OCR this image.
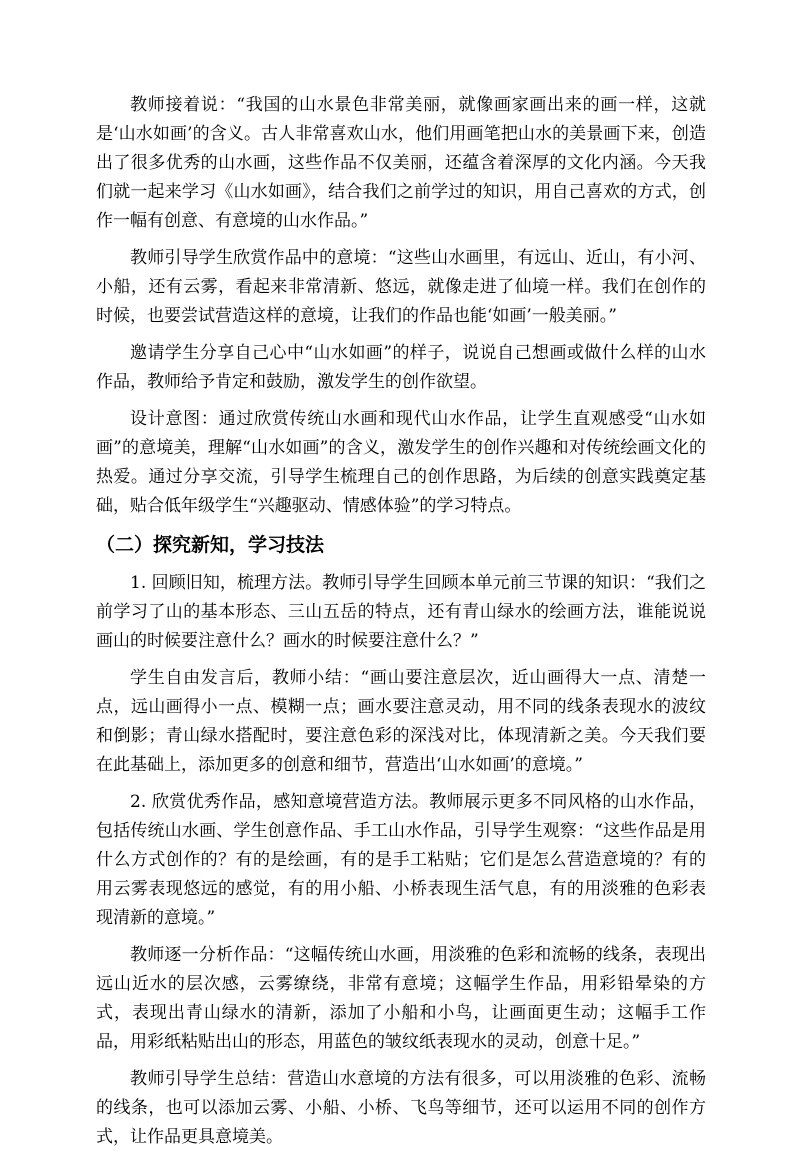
教师接着说：“我国的山水景色非常美丽，就像画家画出来的画一样，这就是‘山水如画’的含义。古人非常喜欢山水，他们用画笔把山水的美景画下来，创造出了很多优秀的山水画，这些作品不仅美丽，还蕴含着深厚的文化内涵。今天我们就一起来学习《山水如画》，结合我们之前学过的知识，用自己喜欢的方式，创作一幅有创意、有意境的山水作品。”

教师引导学生欣赏作品中的意境：“这些山水画里，有远山、近山，有小河、小船，还有云雾，看起来非常清新、悠远，就像走进了仙境一样。我们在创作的时候，也要尝试营造这样的意境，让我们的作品也能‘如画’一般美丽。”

邀请学生分享自己心中“山水如画”的样子，说说自己想画或做什么样的山水作品，教师给予肯定和鼓励，激发学生的创作欲望。

设计意图：通过欣赏传统山水画和现代山水作品，让学生直观感受“山水如画”的意境美，理解“山水如画”的含义，激发学生的创作兴趣和对传统绘画文化的热爱。通过分享交流，引导学生梳理自己的创作思路，为后续的创意实践奠定基础，贴合低年级学生“兴趣驱动、情感体验”的学习特点。

（二）探究新知，学习技法

1. 回顾旧知，梳理方法。教师引导学生回顾本单元前三节课的知识：“我们之前学习了山的基本形态、三山五岳的特点，还有青山绿水的绘画方法，谁能说说画山的时候要注意什么？画水的时候要注意什么？”

学生自由发言后，教师小结：“画山要注意层次，近山画得大一点、清楚一点，远山画得小一点、模糊一点；画水要注意灵动，用不同的线条表现水的波纹和倒影；青山绿水搭配时，要注意色彩的深浅对比，体现清新之美。今天我们要在此基础上，添加更多的创意和细节，营造出‘山水如画’的意境。”

2. 欣赏优秀作品，感知意境营造方法。教师展示更多不同风格的山水作品，包括传统山水画、学生创意作品、手工山水作品，引导学生观察：“这些作品是用什么方式创作的？有的是绘画，有的是手工粘贴；它们是怎么营造意境的？有的用云雾表现悠远的感觉，有的用小船、小桥表现生活气息，有的用淡雅的色彩表现清新的意境。”

教师逐一分析作品：“这幅传统山水画，用淡雅的色彩和流畅的线条，表现出远山近水的层次感，云雾缭绕，非常有意境；这幅学生作品，用彩铅晕染的方式，表现出青山绿水的清新，添加了小船和小鸟，让画面更生动；这幅手工作品，用彩纸粘贴出山的形态，用蓝色的皱纹纸表现水的灵动，创意十足。”

教师引导学生总结：营造山水意境的方法有很多，可以用淡雅的色彩、流畅的线条，也可以添加云雾、小船、小桥、飞鸟等细节，还可以运用不同的创作方式，让作品更具意境美。
